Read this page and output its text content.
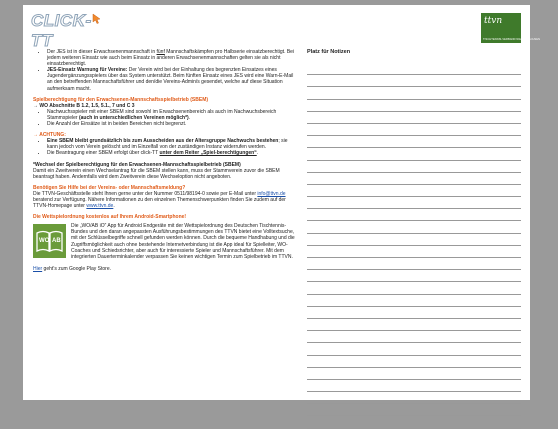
CLICK-TT
ttvn
TISCHTENNIS-VERBAND NIEDERSACHSEN
• Der JES ist in dieser Erwachsenenmannschaft in fünf Mannschaftskämpfen pro Halbserie einsatzberechtigt. Bei jedem weiteren Einsatz wie auch beim Einsatz in anderen Erwachsenenmannschaften gelten sie als nicht einsatzberechtigt.
• JES-Einsatz Warnung für Vereine: Der Verein wird bei der Einhaltung des begrenzten Einsatzes eines Jugendergänzungsspielers über das System unterstützt. Beim fünften Einsatz eines JES wird eine Warn-E-Mail an den betreffenden Mannschaftsführer und den/die Vereins-Admin/s gesendet, welche auf diese Situation aufmerksam macht.

Spielberechtigung für den Erwachsenen-Mannschaftsspielbetrieb (SBEM)

→ WO Abschnitte B 1.2, 1.5, 5.1., 7 und C 3

• Nachwuchsspieler mit einer SBEM sind sowohl im Erwachsenenbereich als auch im Nachwuchsbereich Stammspieler (auch in unterschiedlichen Vereinen möglich*).
• Die Anzahl der Einsätze ist in beiden Bereichen nicht begrenzt.

→ ACHTUNG:

• Eine SBEM bleibt grundsätzlich bis zum Ausscheiden aus der Altersgruppe Nachwuchs bestehen; sie kann jedoch vom Verein gelöscht und im Einzelfall von der zuständigen Instanz widerrufen werden.
• Die Beantragung einer SBEM erfolgt über click-TT unter dem Reiter „Spiel-berechtigungen“.

*Wechsel der Spielberechtigung für den Erwachsenen-Mannschaftsspielbetrieb (SBEM)

Damit ein Zweitverein einen Wechselantrag für die SBEM stellen kann, muss der Stammverein zuvor die SBEM beantragt haben. Andernfalls wird dem Zweitverein diese Wechseloption nicht angeboten.

Benötigen Sie Hilfe bei der Vereins- oder Mannschaftsmeldung?

Die TTVN-Geschäftsstelle steht Ihnen gerne unter der Nummer 0511/98194-0 sowie per E-Mail unter info@ttvn.de beratend zur Verfügung. Nähere Informationen zu den einzelnen Themenschwerpunkten finden Sie zudem auf der TTVN-Homepage unter www.ttvn.de.

Die Wettspielordnung kostenlos auf Ihrem Android-Smartphone!

WO AB

Die „WO/AB iO“ App für Android Endgeräte mit der Wettspielordnung des Deutschen Tischtennis-Bundes und den daran angepassten Ausführungsbestimmungen des TTVN bietet eine Volltextsuche, mit der Schlüsselbegriffe schnell gefunden werden können. Durch die bequeme Handhabung und die Zugriffsmöglichkeit auch ohne bestehende Internetverbindung ist die App ideal für Spielleiter, WO-Coaches und Schiedsrichter, aber auch für interessierte Spieler und Mannschaftsführer. Mit dem integrierten Dauerterminkalender verpassen Sie keinen wichtigen Termin zum Spielbetrieb im TTVN.

Hier geht’s zum Google Play Store.

Platz für Notizen
